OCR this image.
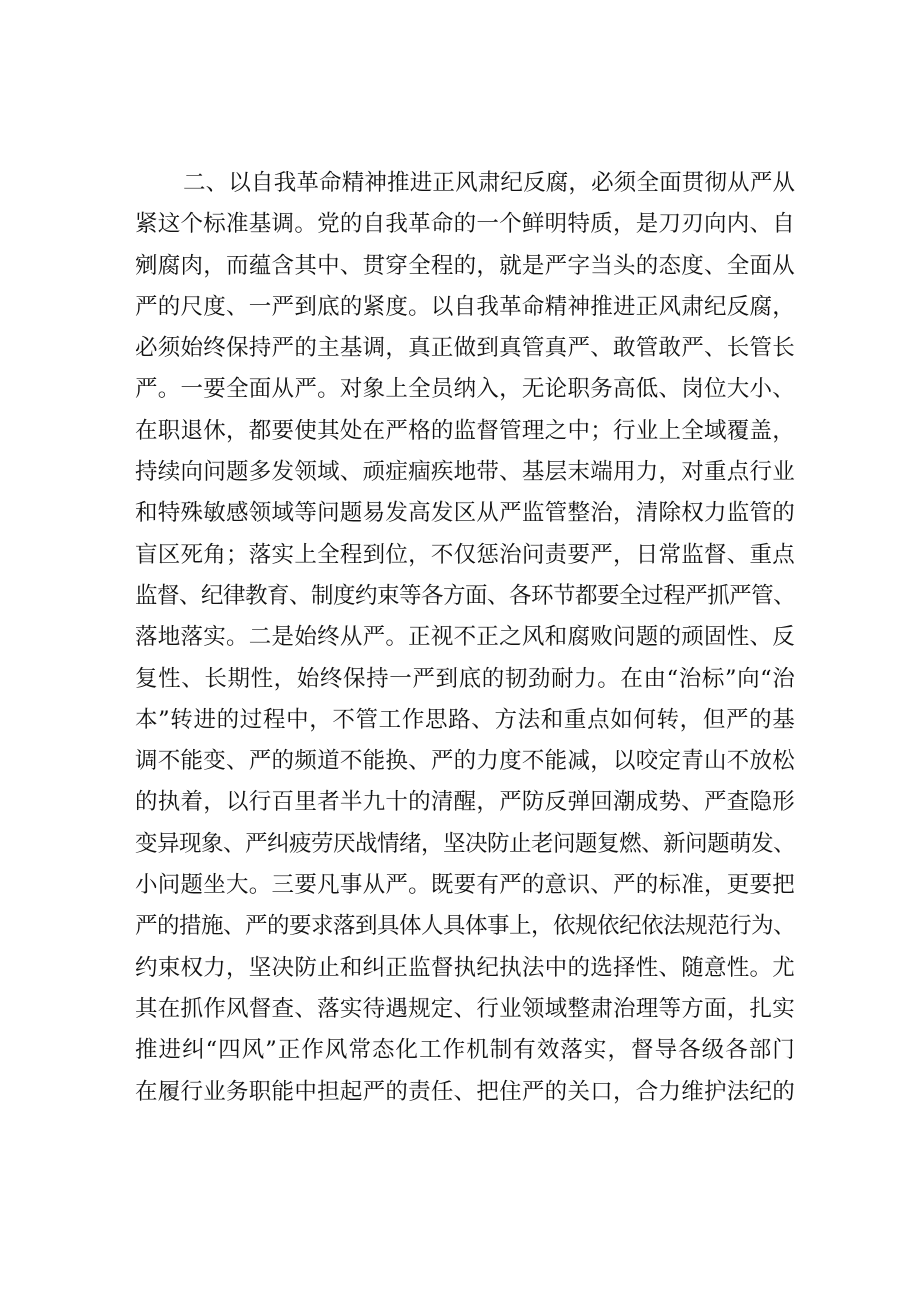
二、以自我革命精神推进正风肃纪反腐，必须全面贯彻从严从
紧这个标准基调。党的自我革命的一个鲜明特质，是刀刃向内、自
剜腐肉，而蕴含其中、贯穿全程的，就是严字当头的态度、全面从
严的尺度、一严到底的紧度。以自我革命精神推进正风肃纪反腐，
必须始终保持严的主基调，真正做到真管真严、敢管敢严、长管长
严。一要全面从严。对象上全员纳入，无论职务高低、岗位大小、
在职退休，都要使其处在严格的监督管理之中；行业上全域覆盖，
持续向问题多发领域、顽症痼疾地带、基层末端用力，对重点行业
和特殊敏感领域等问题易发高发区从严监管整治，清除权力监管的
盲区死角；落实上全程到位，不仅惩治问责要严，日常监督、重点
监督、纪律教育、制度约束等各方面、各环节都要全过程严抓严管、
落地落实。二是始终从严。正视不正之风和腐败问题的顽固性、反
复性、长期性，始终保持一严到底的韧劲耐力。在由“治标”向“治
本”转进的过程中，不管工作思路、方法和重点如何转，但严的基
调不能变、严的频道不能换、严的力度不能减，以咬定青山不放松
的执着，以行百里者半九十的清醒，严防反弹回潮成势、严查隐形
变异现象、严纠疲劳厌战情绪，坚决防止老问题复燃、新问题萌发、
小问题坐大。三要凡事从严。既要有严的意识、严的标准，更要把
严的措施、严的要求落到具体人具体事上，依规依纪依法规范行为、
约束权力，坚决防止和纠正监督执纪执法中的选择性、随意性。尤
其在抓作风督查、落实待遇规定、行业领域整肃治理等方面，扎实
推进纠“四风”正作风常态化工作机制有效落实，督导各级各部门
在履行业务职能中担起严的责任、把住严的关口，合力维护法纪的
